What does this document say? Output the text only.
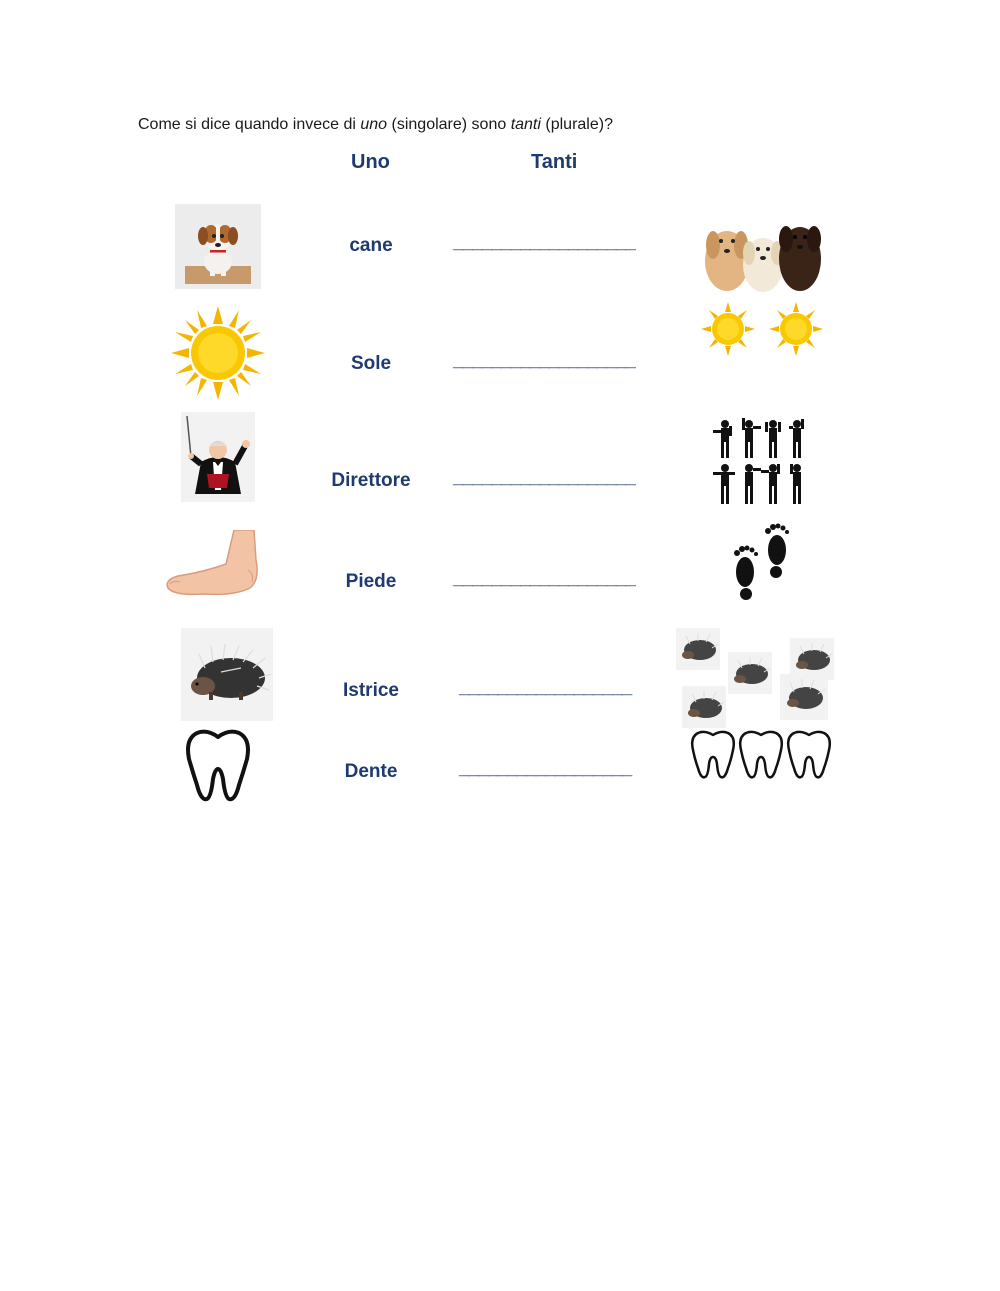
Come si dice quando invece di uno (singolare) sono tanti (plurale)?
Uno	Tanti
cane	___________________
Sole	___________________
Direttore	___________________
Piede	___________________
Istrice	__________________
Dente	__________________
